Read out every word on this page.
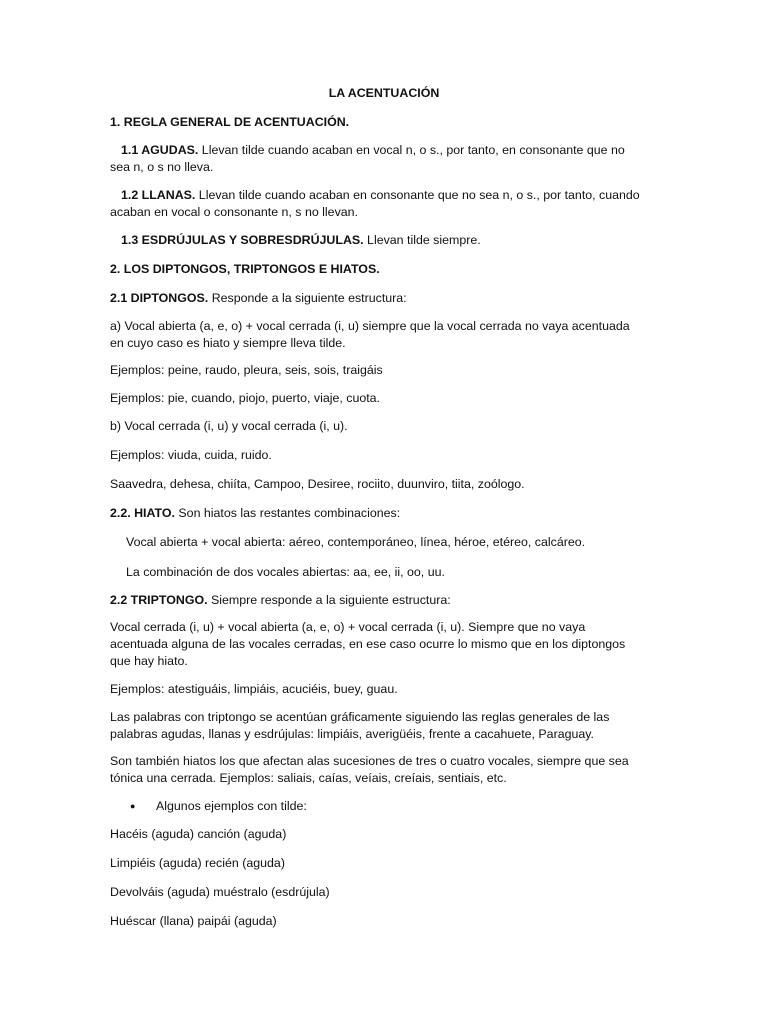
LA ACENTUACIÓN
1. REGLA GENERAL DE ACENTUACIÓN.
1.1 AGUDAS. Llevan tilde cuando acaban en vocal n, o s., por tanto, en consonante que no
sea n, o s no lleva.
1.2 LLANAS. Llevan tilde cuando acaban en consonante que no sea n, o s., por tanto, cuando
acaban en vocal o consonante n, s no llevan.
1.3 ESDRÚJULAS Y SOBRESDRÚJULAS. Llevan tilde siempre.
2. LOS DIPTONGOS, TRIPTONGOS E HIATOS.
2.1 DIPTONGOS. Responde a la siguiente estructura:
a) Vocal abierta (a, e, o) + vocal cerrada (i, u) siempre que la vocal cerrada no vaya acentuada
en cuyo caso es hiato y siempre lleva tilde.
Ejemplos: peine, raudo, pleura, seis, sois, traigáis
Ejemplos: pie, cuando, piojo, puerto, viaje, cuota.
b) Vocal cerrada (i, u) y vocal cerrada (i, u).
Ejemplos: viuda, cuida, ruido.
Saavedra, dehesa, chiíta, Campoo, Desiree, rociito, duunviro, tiita, zoólogo.
2.2. HIATO. Son hiatos las restantes combinaciones:
Vocal abierta + vocal abierta: aéreo, contemporáneo, línea, héroe, etéreo, calcáreo.
La combinación de dos vocales abiertas: aa, ee, ii, oo, uu.
2.2 TRIPTONGO. Siempre responde a la siguiente estructura:
Vocal cerrada (i, u) + vocal abierta (a, e, o) + vocal cerrada (i, u). Siempre que no vaya
acentuada alguna de las vocales cerradas, en ese caso ocurre lo mismo que en los diptongos
que hay hiato.
Ejemplos: atestiguáis, limpiáis, acuciéis, buey, guau.
Las palabras con triptongo se acentúan gráficamente siguiendo las reglas generales de las
palabras agudas, llanas y esdrújulas: limpiáis, averigüéis, frente a cacahuete, Paraguay.
Son también hiatos los que afectan alas sucesiones de tres o cuatro vocales, siempre que sea
tónica una cerrada. Ejemplos: saliais, caías, veíais, creíais, sentiais, etc.
● Algunos ejemplos con tilde:
Hacéis (aguda) canción (aguda)
Limpiéis (aguda) recién (aguda)
Devolváis (aguda) muéstralo (esdrújula)
Huéscar (llana) paipái (aguda)
